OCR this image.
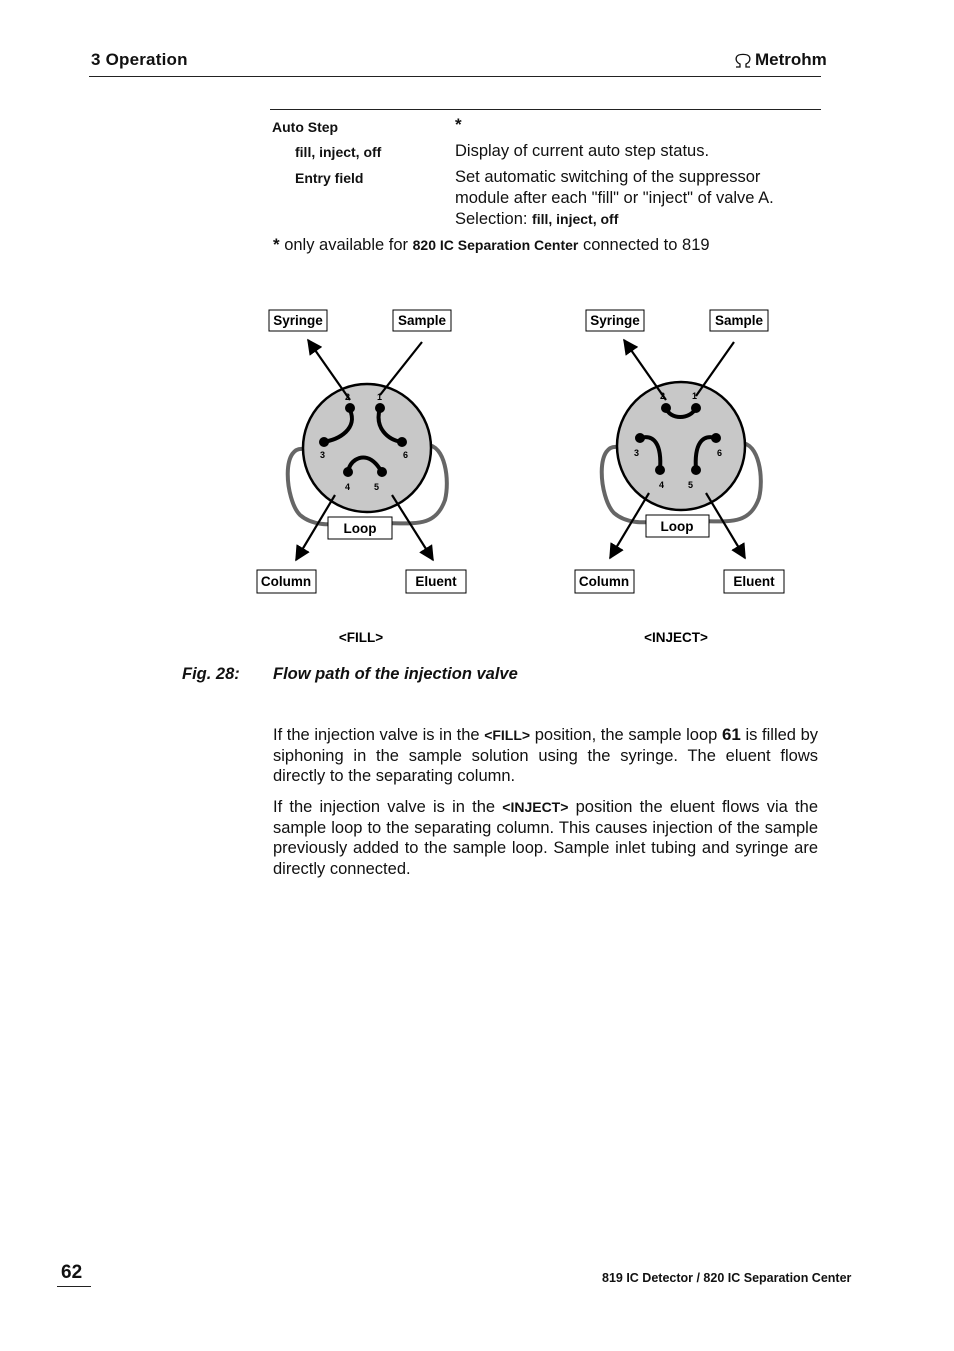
3 Operation	Metrohm
Auto Step	*
fill, inject, off	Display of current auto step status.
Entry field	Set automatic switching of the suppressor
module after each "fill" or "inject" of valve A.
Selection: fill, inject, off
* only available for 820 IC Separation Center connected to 819
1
2
3
4	5
6
Syringe	Sample
Loop
Column	Eluent
<FILL>
1
2
3
4	5
6
Syringe	Sample
Loop
Column	Eluent
<INJECT>
Fig. 28: Flow path of the injection valve
If the injection valve is in the <FILL> position, the sample loop 61 is filled by siphoning in the sample solution using the syringe. The eluent flows directly to the separating column.
If the injection valve is in the <INJECT> position the eluent flows via the sample loop to the separating column. This causes injection of the sample previously added to the sample loop. Sample inlet tubing and syringe are directly connected.
62	819 IC Detector / 820 IC Separation Center
